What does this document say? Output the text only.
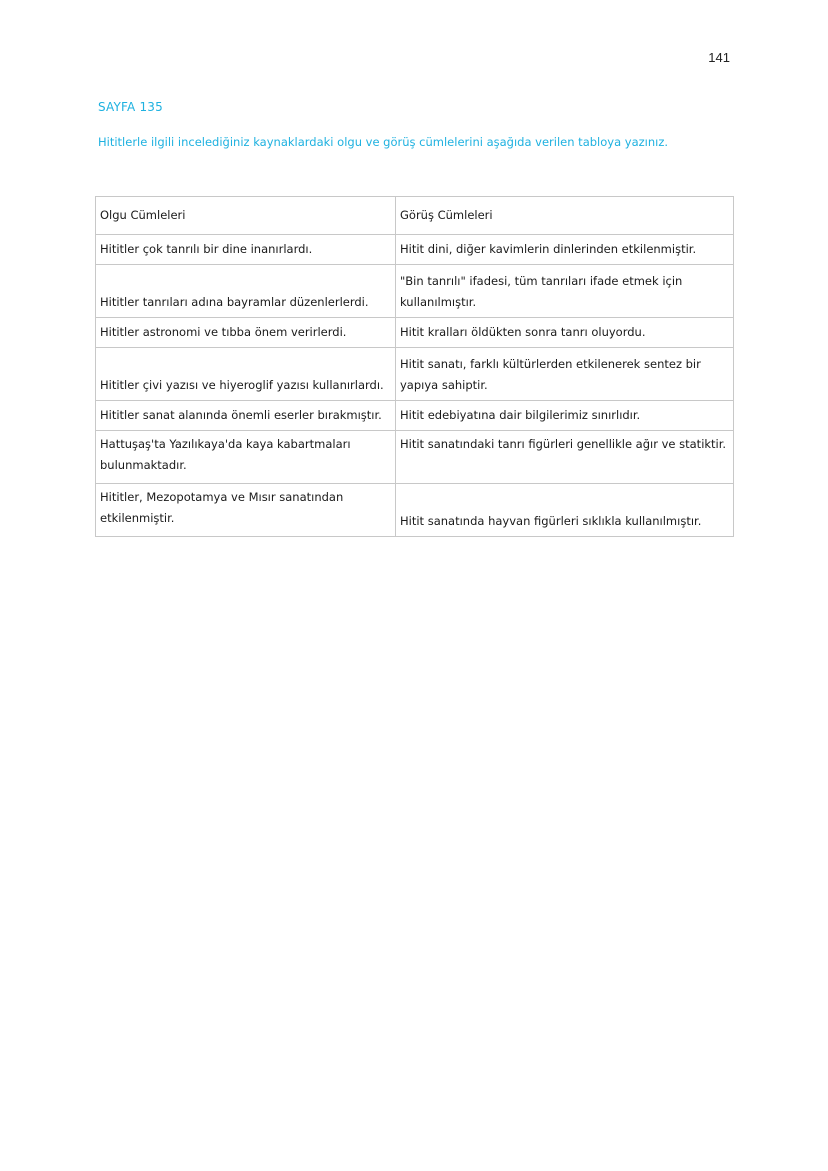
141
SAYFA 135
Hititlerle ilgili incelediğiniz kaynaklardaki olgu ve görüş cümlelerini aşağıda verilen tabloya yazınız.
Olgu Cümleleri	Görüş Cümleleri
Hititler çok tanrılı bir dine inanırlardı.	Hitit dini, diğer kavimlerin dinlerinden etkilenmiştir.
Hititler tanrıları adına bayramlar düzenlerlerdi.	"Bin tanrılı" ifadesi, tüm tanrıları ifade etmek için kullanılmıştır.
Hititler astronomi ve tıbba önem verirlerdi.	Hitit kralları öldükten sonra tanrı oluyordu.
Hititler çivi yazısı ve hiyeroglif yazısı kullanırlardı.	Hitit sanatı, farklı kültürlerden etkilenerek sentez bir yapıya sahiptir.
Hititler sanat alanında önemli eserler bırakmıştır.	Hitit edebiyatına dair bilgilerimiz sınırlıdır.
Hattuşaş'ta Yazılıkaya'da kaya kabartmaları bulunmaktadır.	Hitit sanatındaki tanrı figürleri genellikle ağır ve statiktir.
Hititler, Mezopotamya ve Mısır sanatından etkilenmiştir.	Hitit sanatında hayvan figürleri sıklıkla kullanılmıştır.
